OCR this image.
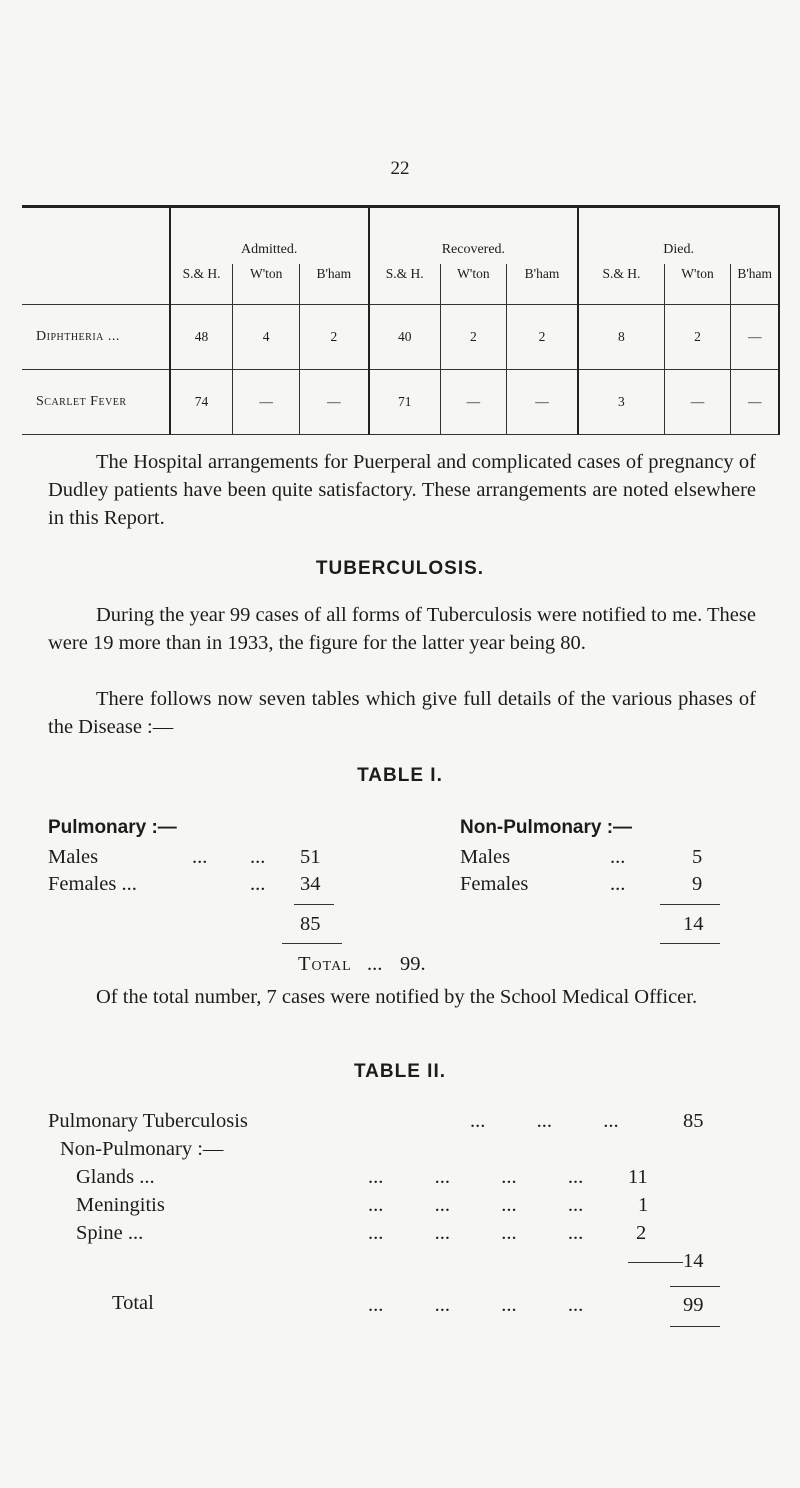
22
	Admitted.			Recovered.			Died.		
	S.& H.	W'ton	B'ham	S.& H.	W'ton	B'ham	S.& H.	W'ton	B'ham
Diphtheria ...	48	4	2	40	2	2	8	2	—
Scarlet Fever	74	—	—	71	—	—	3	—	—

The Hospital arrangements for Puerperal and complicated cases of pregnancy of Dudley patients have been quite satisfactory. These arrangements are noted elsewhere in this Report.

TUBERCULOSIS.

During the year 99 cases of all forms of Tuberculosis were notified to me. These were 19 more than in 1933, the figure for the latter year being 80.

There follows now seven tables which give full details of the various phases of the Disease :—

TABLE I.
Pulmonary :—	Non-Pulmonary :—
Males	... ... 51	Males	...	5
Females ...	... 34	Females	...	9
85	14
Total ... 99.

Of the total number, 7 cases were notified by the School Medical Officer.

TABLE II.
Pulmonary Tuberculosis	...          ...          ...	85
Non-Pulmonary :—
Glands ...	...          ...          ...          ... 11
Meningitis	...          ...          ...          ...	1
Spine ...	...          ...          ...          ...	2
14
Total	...          ...          ...          ...	99
